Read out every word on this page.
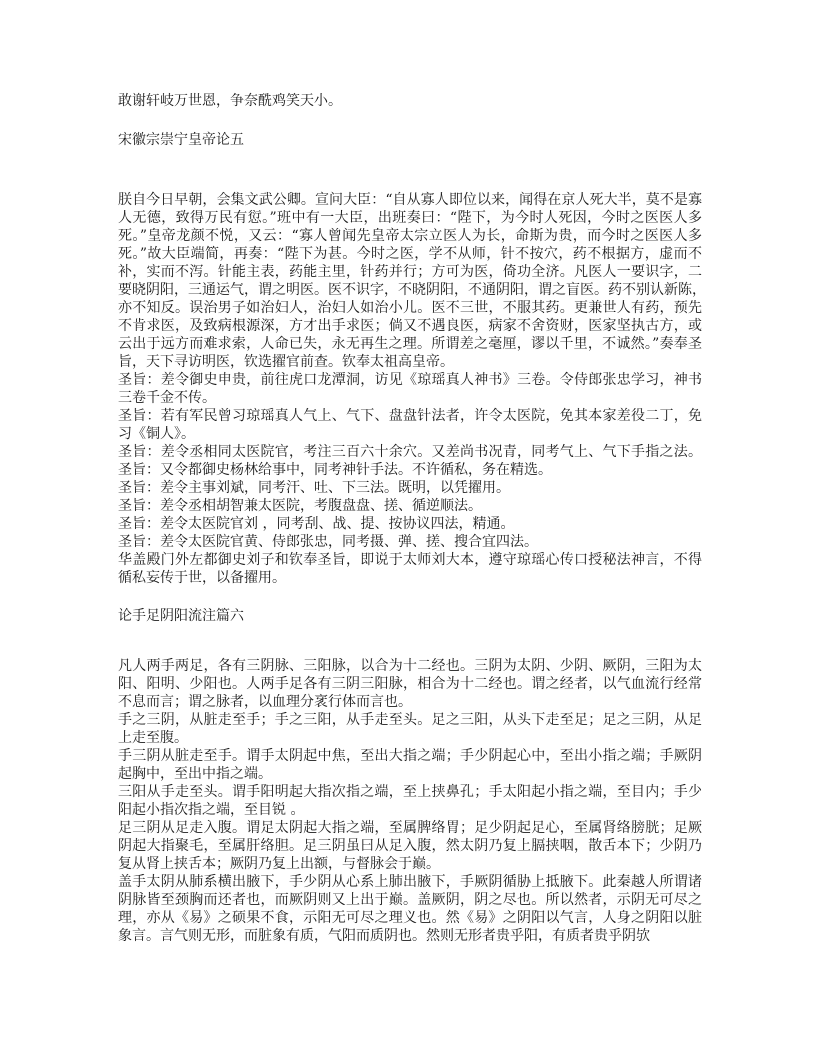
敢谢轩岐万世恩，争奈酰鸡笑天小。
宋徽宗崇宁皇帝论五
朕自今日早朝，会集文武公卿。宣问大臣：“自从寡人即位以来，闻得在京人死大半，莫不是寡
人无德，致得万民有愆。”班中有一大臣，出班奏曰：“陛下，为今时人死因，今时之医医人多
死。”皇帝龙颜不悦，又云：“寡人曾闻先皇帝太宗立医人为长，命斯为贵，而今时之医医人多
死。”故大臣端简，再奏：“陛下为甚。今时之医，学不从师，针不按穴，药不根据方，虚而不
补，实而不泻。针能主表，药能主里，针药并行；方可为医，倚功全济。凡医人一要识字，二
要晓阴阳，三通运气，谓之明医。医不识字，不晓阴阳，不通阴阳，谓之盲医。药不别认新陈，
亦不知反。误治男子如治妇人，治妇人如治小儿。医不三世，不服其药。更兼世人有药，预先
不肯求医，及致病根源深，方才出手求医；倘又不遇良医，病家不舍资财，医家坚执古方，或
云出于远方而难求索，人命已失，永无再生之理。所谓差之毫厘，谬以千里，不诚然。”奏奉圣
旨，天下寻访明医，钦选擢官前查。钦奉太祖高皇帝。
圣旨：差令御史申贵，前往虎口龙潭洞，访见《琼瑶真人神书》三卷。令侍郎张忠学习，神书
三卷千金不传。
圣旨：若有军民曾习琼瑶真人气上、气下、盘盘针法者，许令太医院，免其本家差役二丁，免
习《铜人》。
圣旨：差令丞相同太医院官，考注三百六十余穴。又差尚书况青，同考气上、气下手指之法。
圣旨：又令都御史杨林给事中，同考神针手法。不许循私，务在精选。
圣旨：差令主事刘斌，同考汗、吐、下三法。既明，以凭擢用。
圣旨：差令丞相胡智兼太医院，考腹盘盘、搓、循逆顺法。
圣旨：差令太医院官刘 ，同考刮、战、提、按协议四法，精通。
圣旨：差令太医院官黄、侍郎张忠，同考摄、弹、搓、搜合宜四法。
华盖殿门外左都御史刘子和钦奉圣旨，即说于太师刘大本，遵守琼瑶心传口授秘法神言，不得
循私妄传于世，以备擢用。
论手足阴阳流注篇六
凡人两手两足，各有三阴脉、三阳脉，以合为十二经也。三阴为太阴、少阴、厥阴，三阳为太
阳、阳明、少阳也。人两手足各有三阴三阳脉，相合为十二经也。谓之经者，以气血流行经常
不息而言；谓之脉者，以血理分衺行体而言也。
手之三阴，从脏走至手；手之三阳，从手走至头。足之三阳，从头下走至足；足之三阴，从足
上走至腹。
手三阴从脏走至手。谓手太阴起中焦，至出大指之端；手少阴起心中，至出小指之端；手厥阴
起胸中，至出中指之端。
三阳从手走至头。谓手阳明起大指次指之端，至上挟鼻孔；手太阳起小指之端，至目内；手少
阳起小指次指之端，至目锐 。
足三阴从足走入腹。谓足太阴起大指之端，至属脾络胃；足少阴起足心，至属肾络膀胱；足厥
阴起大指聚毛，至属肝络胆。足三阴虽曰从足入腹，然太阴乃复上膈挟咽，散舌本下；少阴乃
复从肾上挟舌本；厥阴乃复上出额，与督脉会于巅。
盖手太阴从肺系横出腋下，手少阴从心系上肺出腋下，手厥阴循胁上抵腋下。此秦越人所谓诸
阴脉皆至颈胸而还者也，而厥阴则又上出于巅。盖厥阴，阴之尽也。所以然者，示阴无可尽之
理，亦从《易》之硕果不食，示阳无可尽之理义也。然《易》之阴阳以气言，人身之阴阳以脏
象言。言气则无形，而脏象有质，气阳而质阴也。然则无形者贵乎阳，有质者贵乎阴欤
